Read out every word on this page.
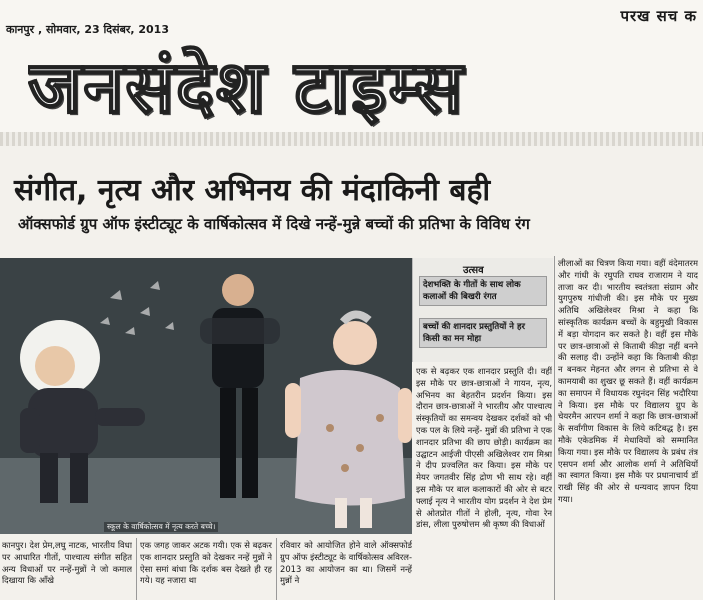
कानपुर , सोमवार, 23 दिसंबर, 2013
परख सच क
जनसंदेश टाइम्स
संगीत, नृत्य और अभिनय की मंदाकिनी बही
ऑक्सफोर्ड ग्रुप ऑफ इंस्टीट्यूट के वार्षिकोत्सव में दिखे नन्हें-मुन्ने बच्चों की प्रतिभा के विविध रंग
स्कूल के वार्षिकोत्सव में नृत्य करते बच्चे।
उत्सव
देशभक्ति के गीतों के साथ लोक कलाओं की बिखरी रंगत
बच्चों की शानदार प्रस्तुतियों ने हर किसी का मन मोहा

एक से बढ़कर एक शानदार प्रस्तुति दी। वहीं इस मौके पर छात्र-छात्राओं ने गायन, नृत्य, अभिनय का बेहतरीन प्रदर्शन किया। इस दौरान छात्र-छात्राओं ने भारतीय और पाश्चात्य संस्कृतियों का समन्वय देखकर दर्शकों को भी एक पल के लिये नन्हें- मुन्नों की प्रतिभा ने एक शानदार प्रतिभा की छाप छोड़ी। कार्यक्रम का उद्घाटन आईजी पीएसी अखिलेश्वर राम मिश्रा ने दीप प्रज्वलित कर किया। इस मौके पर मेयर जगतवीर सिंह द्रोण भी साथ रहे। वहीं इस मौके पर बाल कलाकारों की ओर से बटर फ्लाई नृत्य ने भारतीय योग प्रदर्शन ने देश प्रेम से ओतप्रोत गीतों ने होली, नृत्य, गोवा रेन डांस, लीला पुरुषोत्तम श्री कृष्ण की विधाओं

लीलाओं का चित्रण किया गया। वहीं वंदेमातरम और गांधी के रघुपति राघव राजाराम ने याद ताजा कर दी। भारतीय स्वतंत्रता संग्राम और युगपुरुष गांधीजी की। इस मौके पर मुख्य अतिथि अखिलेश्वर मिश्रा ने कहा कि सांस्कृतिक कार्यक्रम बच्चों के बहुमुखी विकास में बड़ा योगदान कर सकते है। वहीं इस मौके पर छात्र-छात्राओं से किताबी कीड़ा नहीं बनने की सलाह दी। उन्होंने कहा कि किताबी कीड़ा न बनकर मेहनत और लगन से प्रतिभा से वे कामयाबी का शुखर छू सकते हैं। वहीं कार्यक्रम का समापन में विधायक रघुनंदन सिंह भदौरिया ने किया। इस मौके पर विद्यालय ग्रुप के चेयरमैन आरपन शर्मा ने कहा कि छात्र-छात्राओं के सर्वांगीण विकास के लिये कटिबद्ध है। इस मौके एकेडमिक में मेधावियों को सम्मानित किया गया। इस मौके पर विद्यालय के प्रबंध तंत्र एसपन शर्मा और आलोक शर्मा ने अतिथियों का स्वागत किया। इस मौके पर प्रधानाचार्य डॉ राखी सिंह की ओर से धन्यवाद ज्ञापन दिया गया।

कानपुर। देश प्रेम,लघु नाटक, भारतीय विधा पर आधारित गीतों, पाश्चात्य संगीत सहित अन्य विधाओं पर नन्हें-मुन्नों ने जो कमाल दिखाया कि आँखे

एक जगह जाकर अटक गयी। एक से बढ़कर एक शानदार प्रस्तुति को देखकर नन्हें मुन्नों ने ऐसा समां बांधा कि दर्शक बस देखते ही रह गये। यह नजारा था

रविवार को आयोजित होने वाले ऑक्सफोर्ड ग्रुप ऑफ इंस्टीट्यूट के वार्षिकोत्सव अविरल- 2013 का आयोजन का था। जिसमें नन्हें मुन्नों ने
